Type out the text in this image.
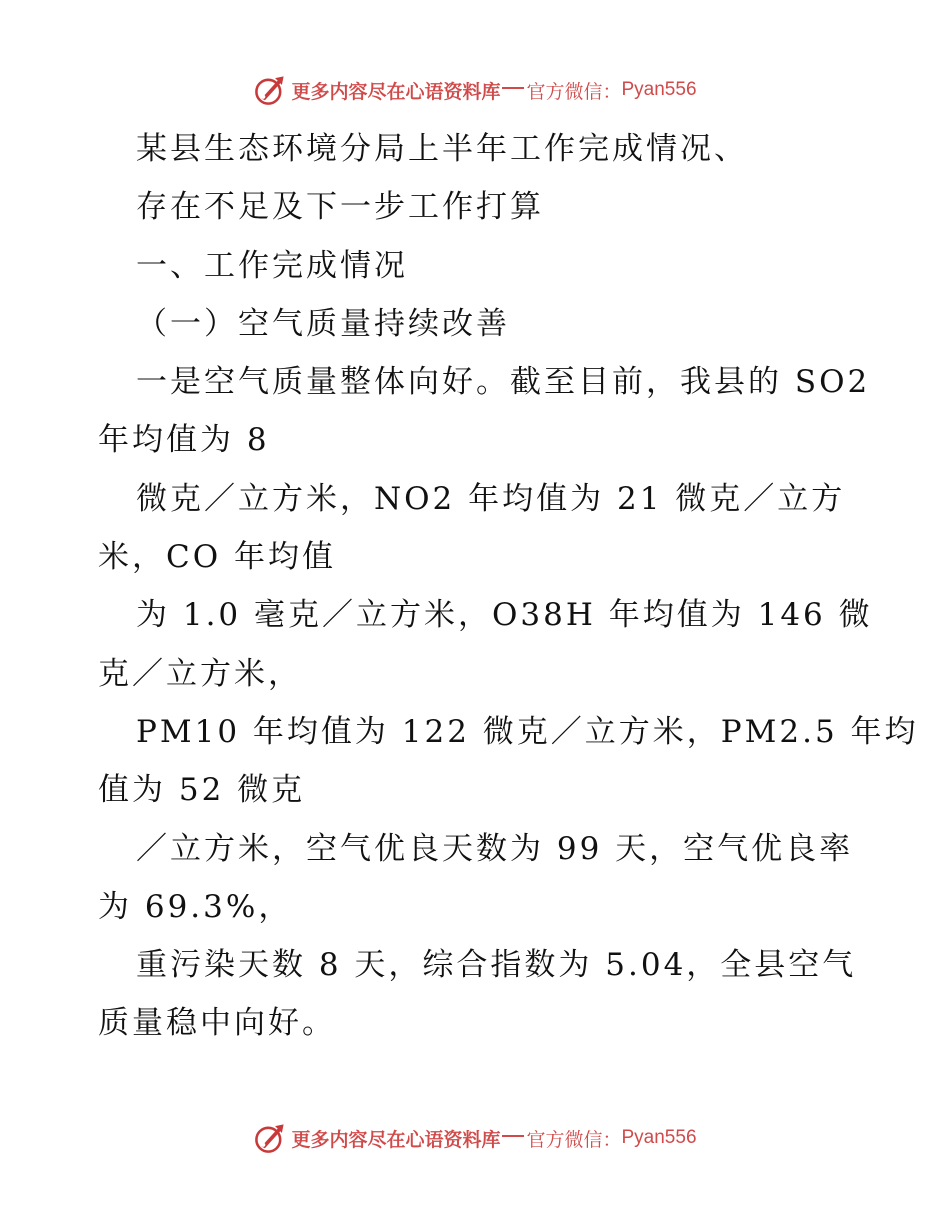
更多内容尽在心语资料库 官方微信： Pyan556
某县生态环境分局上半年工作完成情况、
存在不足及下一步工作打算
一、工作完成情况
（一）空气质量持续改善
一是空气质量整体向好。截至目前，我县的 SO2
年均值为 8
微克／立方米，NO2 年均值为 21 微克／立方
米，CO 年均值
为 1.0 毫克／立方米，O38H 年均值为 146 微
克／立方米，
PM10 年均值为 122 微克／立方米，PM2.5 年均
值为 52 微克
／立方米，空气优良天数为 99 天，空气优良率
为 69.3%，
重污染天数 8 天，综合指数为 5.04，全县空气
质量稳中向好。
更多内容尽在心语资料库 官方微信： Pyan556
